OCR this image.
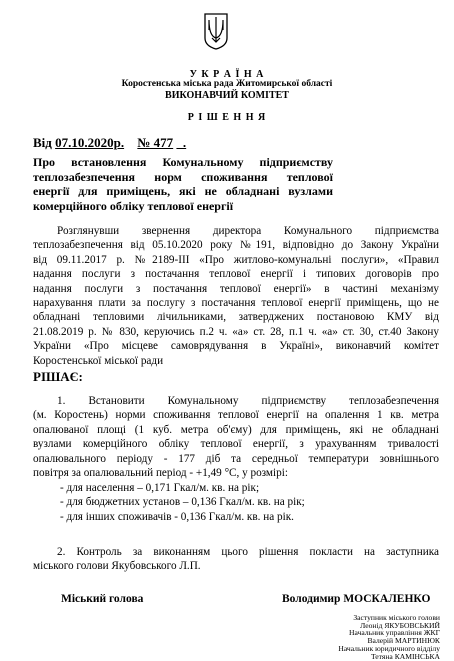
У К Р А Ї Н А
Коростенська міська рада Житомирської області
ВИКОНАВЧИЙ КОМІТЕТ
Р І Ш Е Н Н Я
Від 07.10.2020р. № 477   .
Про встановлення Комунальному підприємству
теплозабезпечення норм споживання теплової
енергії для приміщень, які не обладнані вузлами
комерційного обліку теплової енергії
Розглянувши звернення директора Комунального підприємства
теплозабезпечення від 05.10.2020 року №191, відповідно до Закону України
від 09.11.2017 р. №2189-ІІІ «Про житлово-комунальні послуги», «Правил
надання послуги з постачання теплової енергії і типових договорів про
надання послуги з постачання теплової енергії» в частині механізму
нарахування плати за послугу з постачання теплової енергії приміщень, що не
обладнані тепловими лічильниками, затверджених постановою КМУ від
21.08.2019 р. № 830, керуючись п.2 ч. «а» ст. 28, п.1 ч. «а» ст. 30, ст.40 Закону
України «Про місцеве самоврядування в Україні», виконавчий комітет
Коростенської міської ради
РІШАЄ:
1. Встановити Комунальному підприємству теплозабезпечення
(м. Коростень) норми споживання теплової енергії на опалення 1 кв. метра
опалюваної площі (1 куб. метра об'єму) для приміщень, які не обладнані
вузлами комерційного обліку теплової енергії, з урахуванням тривалості
опалювального періоду - 177 діб та середньої температури зовнішнього
повітря за опалювальний період - +1,49 °С, у розмірі:
- для населення – 0,171 Гкал/м. кв. на рік;
- для бюджетних установ – 0,136 Гкал/м. кв. на рік;
- для інших споживачів - 0,136 Гкал/м. кв. на рік.
2. Контроль за виконанням цього рішення покласти на заступника
міського голови Якубовського Л.П.
Міський голова	Володимир МОСКАЛЕНКО
Заступник міського голови
Леонід ЯКУБОВСЬКИЙ
Начальник управління ЖКГ
Валерій МАРТИНЮК
Начальник юридичного відділу
Тетяна КАМІНСЬКА
